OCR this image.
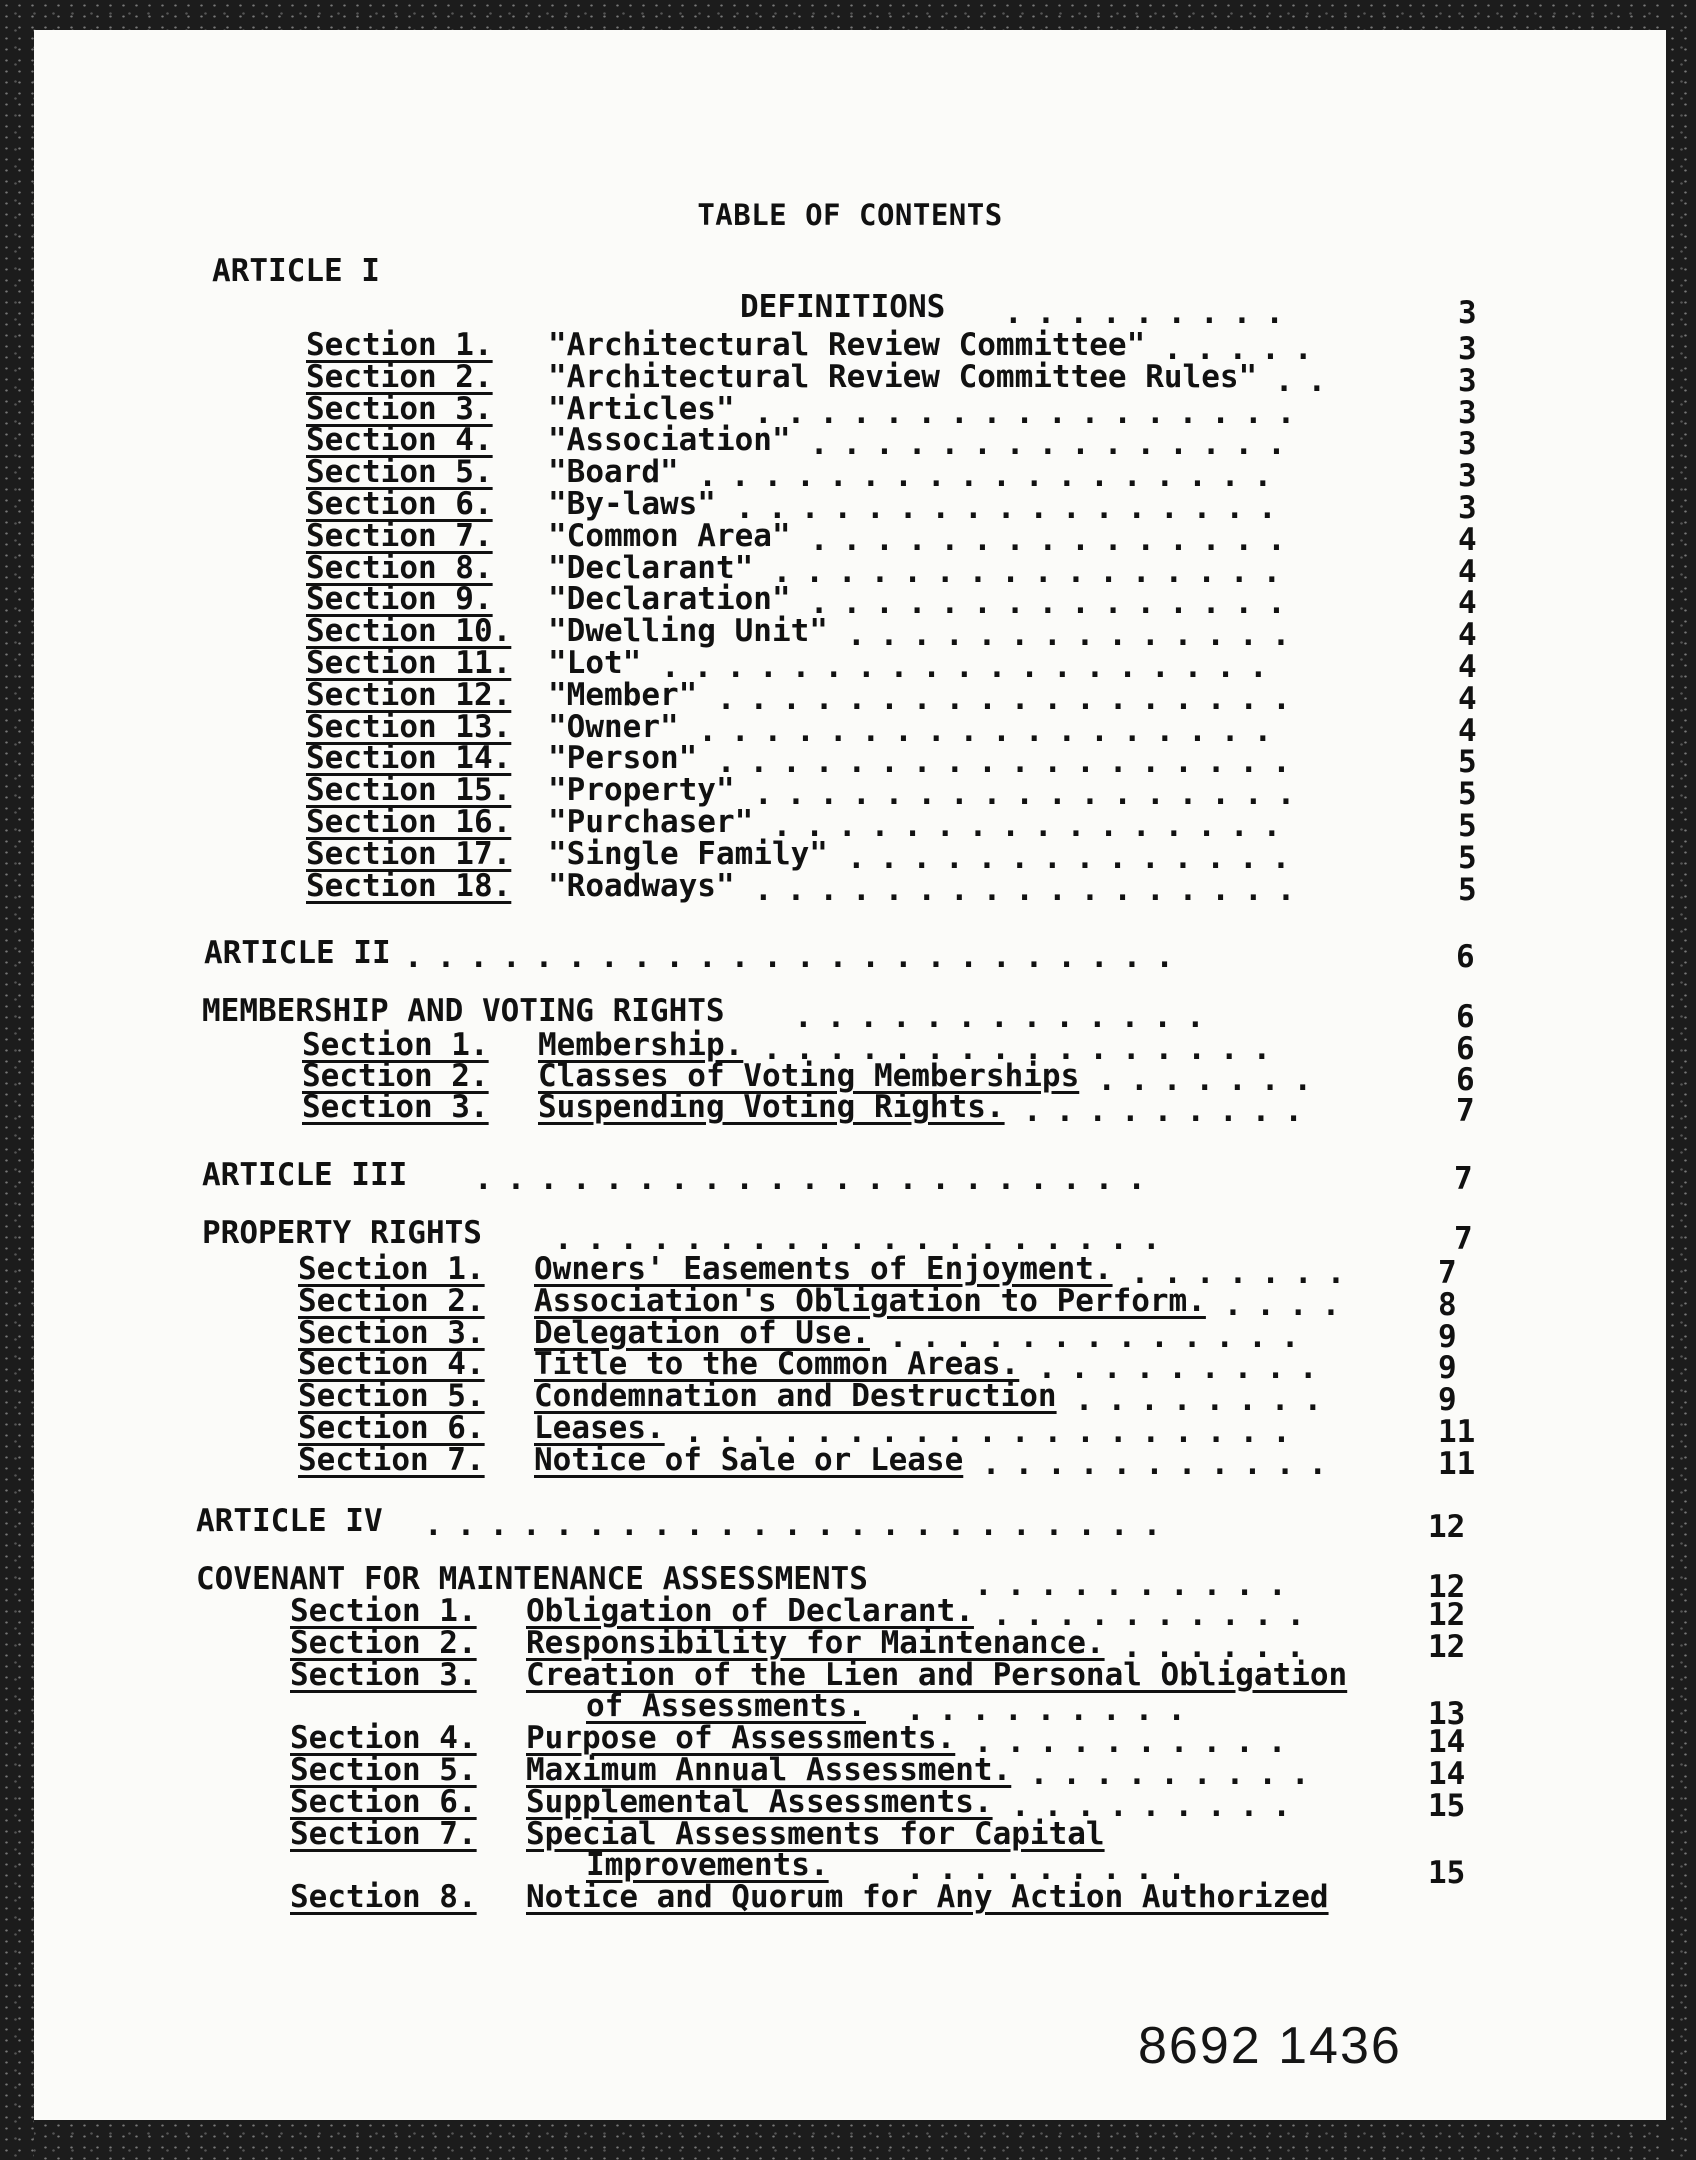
TABLE OF CONTENTS
ARTICLE I
DEFINITIONS .........	3
Section 1. "Architectural Review Committee" .....	3
Section 2. "Architectural Review Committee Rules" ..	3
Section 3. "Articles" .................	3
Section 4. "Association" ...............	3
Section 5. "Board" ..................	3
Section 6. "By-laws" .................	3
Section 7. "Common Area" ...............	4
Section 8. "Declarant" ................	4
Section 9. "Declaration" ...............	4
Section 10. "Dwelling Unit" ..............	4
Section 11. "Lot" ...................	4
Section 12. "Member" ..................	4
Section 13. "Owner" ..................	4
Section 14. "Person" ..................	5
Section 15. "Property" .................	5
Section 16. "Purchaser" ................	5
Section 17. "Single Family" ..............	5
Section 18. "Roadways" .................	5
ARTICLE II ........................	6
MEMBERSHIP AND VOTING RIGHTS .............	6
Section 1. Membership. ................	6
Section 2. Classes of Voting Memberships .......	6
Section 3. Suspending Voting Rights. .........	7
ARTICLE III .....................	7
PROPERTY RIGHTS ...................	7
Section 1. Owners' Easements of Enjoyment. .......	7
Section 2. Association's Obligation to Perform. ....	8
Section 3. Delegation of Use. .............	9
Section 4. Title to the Common Areas. .........	9
Section 5. Condemnation and Destruction ........	9
Section 6. Leases. ...................	11
Section 7. Notice of Sale or Lease ...........	11
ARTICLE IV .......................	12
COVENANT FOR MAINTENANCE ASSESSMENTS	..........	12
Section 1. Obligation of Declarant. ..........	12
Section 2. Responsibility for Maintenance. ......	12
Section 3. Creation of the Lien and Personal Obligation
of Assessments. .........	13
Section 4. Purpose of Assessments. ..........	14
Section 5. Maximum Annual Assessment. .........	14
Section 6. Supplemental Assessments. .........	15
Section 7. Special Assessments for Capital
Improvements. .........	15
Section 8. Notice and Quorum for Any Action Authorized
8692 1436
